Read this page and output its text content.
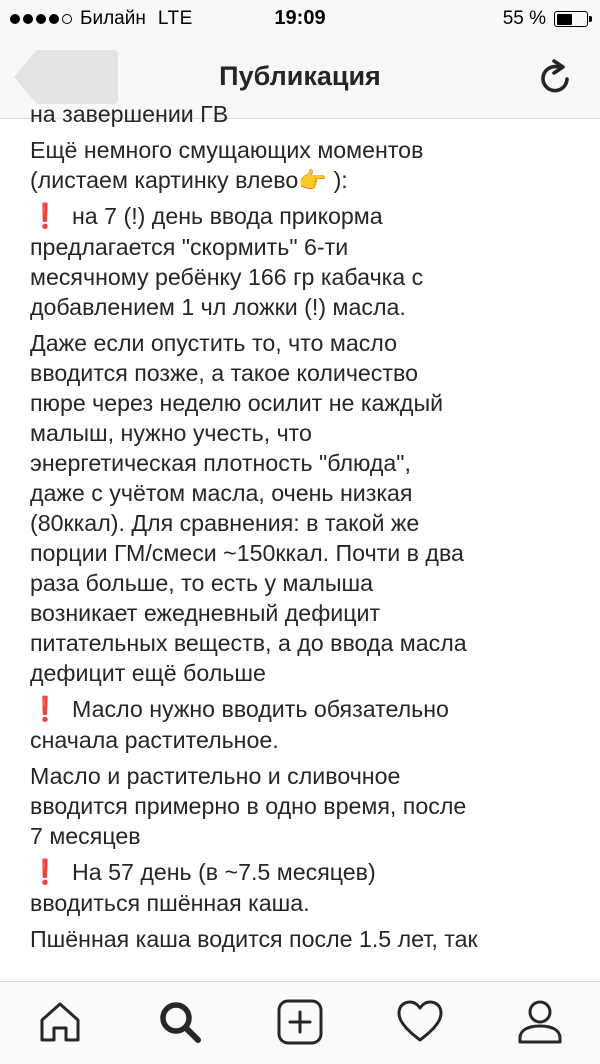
Билайн LTE	19:09	55 %
Публикация

на завершении ГВ

Ещё немного смущающих моментов
(листаем картинку влево👉 ):

❗ на 7 (!) день ввода прикорма
предлагается "скормить" 6-ти
месячному ребёнку 166 гр кабачка с
добавлением 1 чл ложки (!) масла.

Даже если опустить то, что масло
вводится позже, а такое количество
пюре через неделю осилит не каждый
малыш, нужно учесть, что
энергетическая плотность "блюда",
даже с учётом масла, очень низкая
(80ккал). Для сравнения: в такой же
порции ГМ/смеси ~150ккал. Почти в два
раза больше, то есть у малыша
возникает ежедневный дефицит
питательных веществ, а до ввода масла
дефицит ещё больше

❗ Масло нужно вводить обязательно
сначала растительное.

Масло и растительно и сливочное
вводится примерно в одно время, после
7 месяцев

❗ На 57 день (в ~7.5 месяцев)
вводиться пшённая каша.

Пшённая каша водится после 1.5 лет, так
